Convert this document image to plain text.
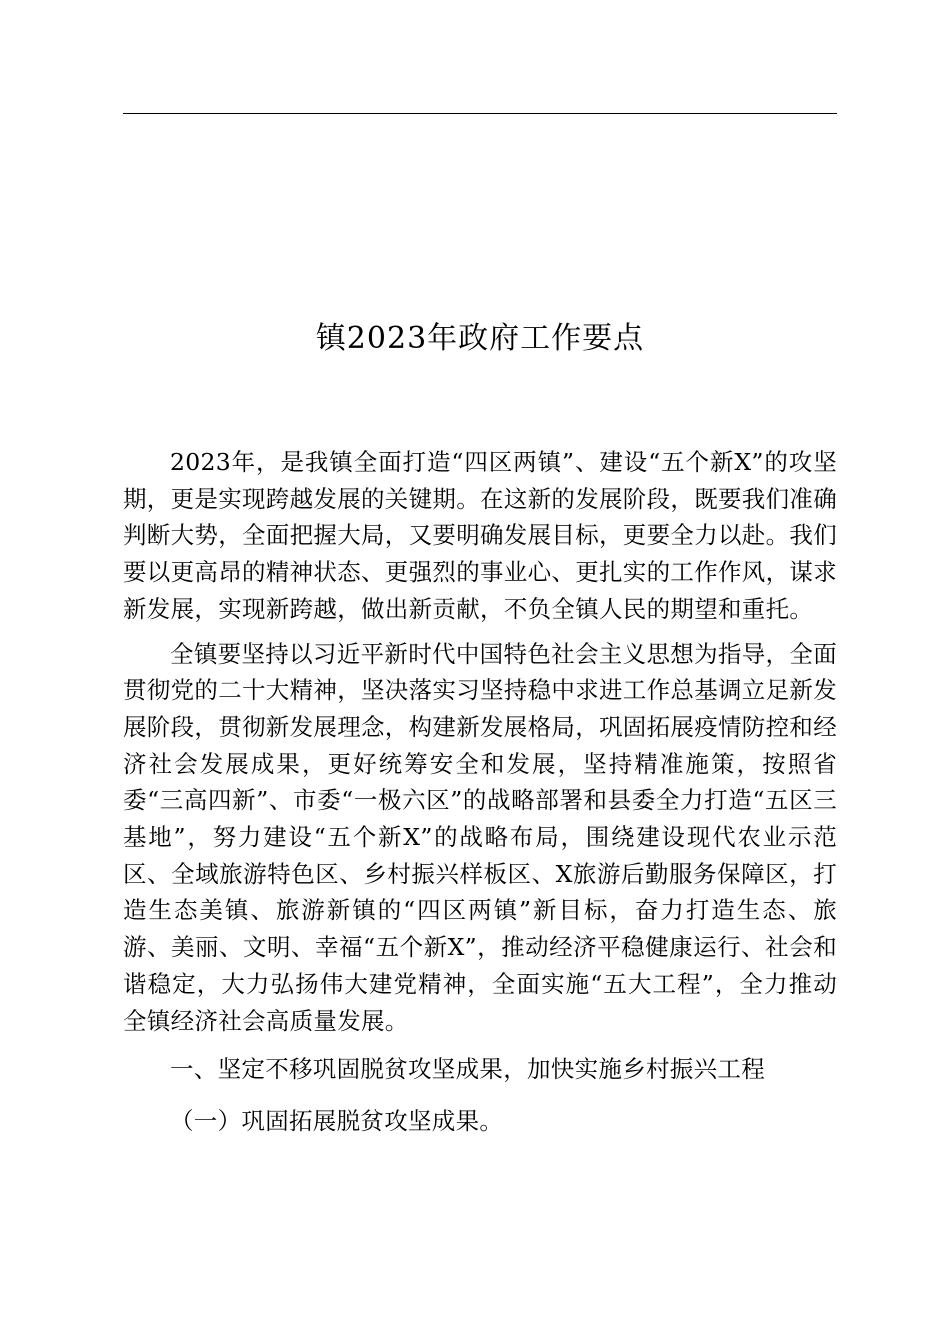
镇2023年政府工作要点

2023年，是我镇全面打造“四区两镇”、建设“五个新X”的攻坚期，更是实现跨越发展的关键期。在这新的发展阶段，既要我们准确判断大势，全面把握大局，又要明确发展目标，更要全力以赴。我们要以更高昂的精神状态、更强烈的事业心、更扎实的工作作风，谋求新发展，实现新跨越，做出新贡献，不负全镇人民的期望和重托。

全镇要坚持以习近平新时代中国特色社会主义思想为指导，全面贯彻党的二十大精神，坚决落实习坚持稳中求进工作总基调立足新发展阶段，贯彻新发展理念，构建新发展格局，巩固拓展疫情防控和经济社会发展成果，更好统筹安全和发展，坚持精准施策，按照省委“三高四新”、市委“一极六区”的战略部署和县委全力打造“五区三基地”，努力建设“五个新X”的战略布局，围绕建设现代农业示范区、全域旅游特色区、乡村振兴样板区、X旅游后勤服务保障区，打造生态美镇、旅游新镇的“四区两镇”新目标，奋力打造生态、旅游、美丽、文明、幸福“五个新X”，推动经济平稳健康运行、社会和谐稳定，大力弘扬伟大建党精神，全面实施“五大工程”，全力推动全镇经济社会高质量发展。

一、坚定不移巩固脱贫攻坚成果，加快实施乡村振兴工程

（一）巩固拓展脱贫攻坚成果。
